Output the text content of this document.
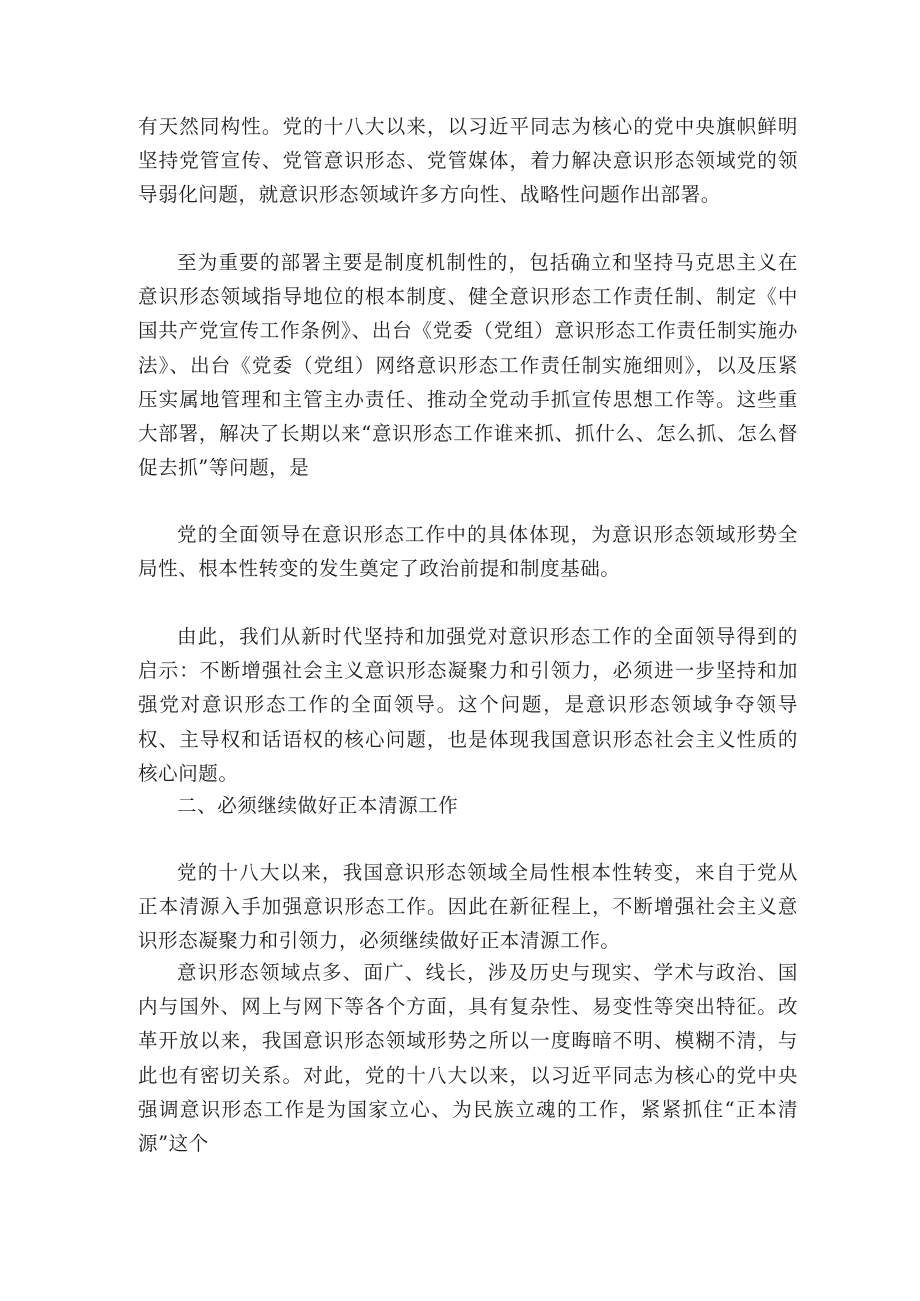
有天然同构性。党的十八大以来，以习近平同志为核心的党中央旗帜鲜明坚持党管宣传、党管意识形态、党管媒体，着力解决意识形态领域党的领导弱化问题，就意识形态领域许多方向性、战略性问题作出部署。

至为重要的部署主要是制度机制性的，包括确立和坚持马克思主义在意识形态领域指导地位的根本制度、健全意识形态工作责任制、制定《中国共产党宣传工作条例》、出台《党委（党组）意识形态工作责任制实施办法》、出台《党委（党组）网络意识形态工作责任制实施细则》，以及压紧压实属地管理和主管主办责任、推动全党动手抓宣传思想工作等。这些重大部署，解决了长期以来“意识形态工作谁来抓、抓什么、怎么抓、怎么督促去抓”等问题，是

党的全面领导在意识形态工作中的具体体现，为意识形态领域形势全局性、根本性转变的发生奠定了政治前提和制度基础。

由此，我们从新时代坚持和加强党对意识形态工作的全面领导得到的启示：不断增强社会主义意识形态凝聚力和引领力，必须进一步坚持和加强党对意识形态工作的全面领导。这个问题，是意识形态领域争夺领导权、主导权和话语权的核心问题，也是体现我国意识形态社会主义性质的核心问题。

二、必须继续做好正本清源工作

党的十八大以来，我国意识形态领域全局性根本性转变，来自于党从正本清源入手加强意识形态工作。因此在新征程上，不断增强社会主义意识形态凝聚力和引领力，必须继续做好正本清源工作。

意识形态领域点多、面广、线长，涉及历史与现实、学术与政治、国内与国外、网上与网下等各个方面，具有复杂性、易变性等突出特征。改革开放以来，我国意识形态领域形势之所以一度晦暗不明、模糊不清，与此也有密切关系。对此，党的十八大以来，以习近平同志为核心的党中央强调意识形态工作是为国家立心、为民族立魂的工作，紧紧抓住“正本清源”这个
